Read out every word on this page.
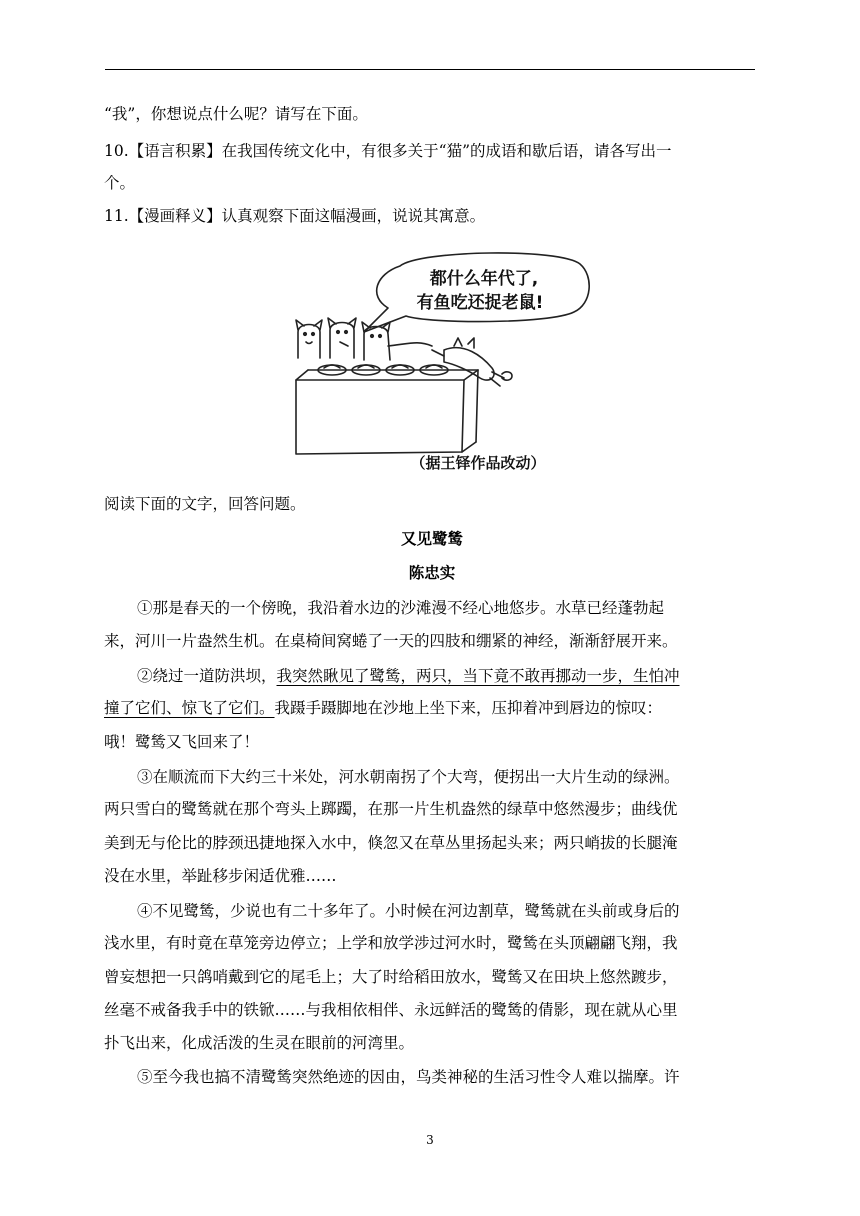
“我”，你想说点什么呢？请写在下面。
10.【语言积累】在我国传统文化中，有很多关于“猫”的成语和歇后语，请各写出一
个。
11.【漫画释义】认真观察下面这幅漫画，说说其寓意。
都什么年代了,
有鱼吃还捉老鼠!
（据王铎作品改动）
阅读下面的文字，回答问题。
又见鹭鸶
陈忠实
①那是春天的一个傍晚，我沿着水边的沙滩漫不经心地悠步。水草已经蓬勃起
来，河川一片盎然生机。在桌椅间窝蜷了一天的四肢和绷紧的神经，渐渐舒展开来。
②绕过一道防洪坝，我突然瞅见了鹭鸶，两只，当下竟不敢再挪动一步，生怕冲
撞了它们、惊飞了它们。我蹑手蹑脚地在沙地上坐下来，压抑着冲到唇边的惊叹：
哦！鹭鸶又飞回来了！
③在顺流而下大约三十米处，河水朝南拐了个大弯，便拐出一大片生动的绿洲。
两只雪白的鹭鸶就在那个弯头上踯躅，在那一片生机盎然的绿草中悠然漫步；曲线优
美到无与伦比的脖颈迅捷地探入水中，倏忽又在草丛里扬起头来；两只峭拔的长腿淹
没在水里，举趾移步闲适优雅……
④不见鹭鸶，少说也有二十多年了。小时候在河边割草，鹭鸶就在头前或身后的
浅水里，有时竟在草笼旁边停立；上学和放学涉过河水时，鹭鸶在头顶翩翩飞翔，我
曾妄想把一只鸽哨戴到它的尾毛上；大了时给稻田放水，鹭鸶又在田块上悠然踱步，
丝毫不戒备我手中的铁锨……与我相依相伴、永远鲜活的鹭鸶的倩影，现在就从心里
扑飞出来，化成活泼的生灵在眼前的河湾里。
⑤至今我也搞不清鹭鸶突然绝迹的因由，鸟类神秘的生活习性令人难以揣摩。许
3
